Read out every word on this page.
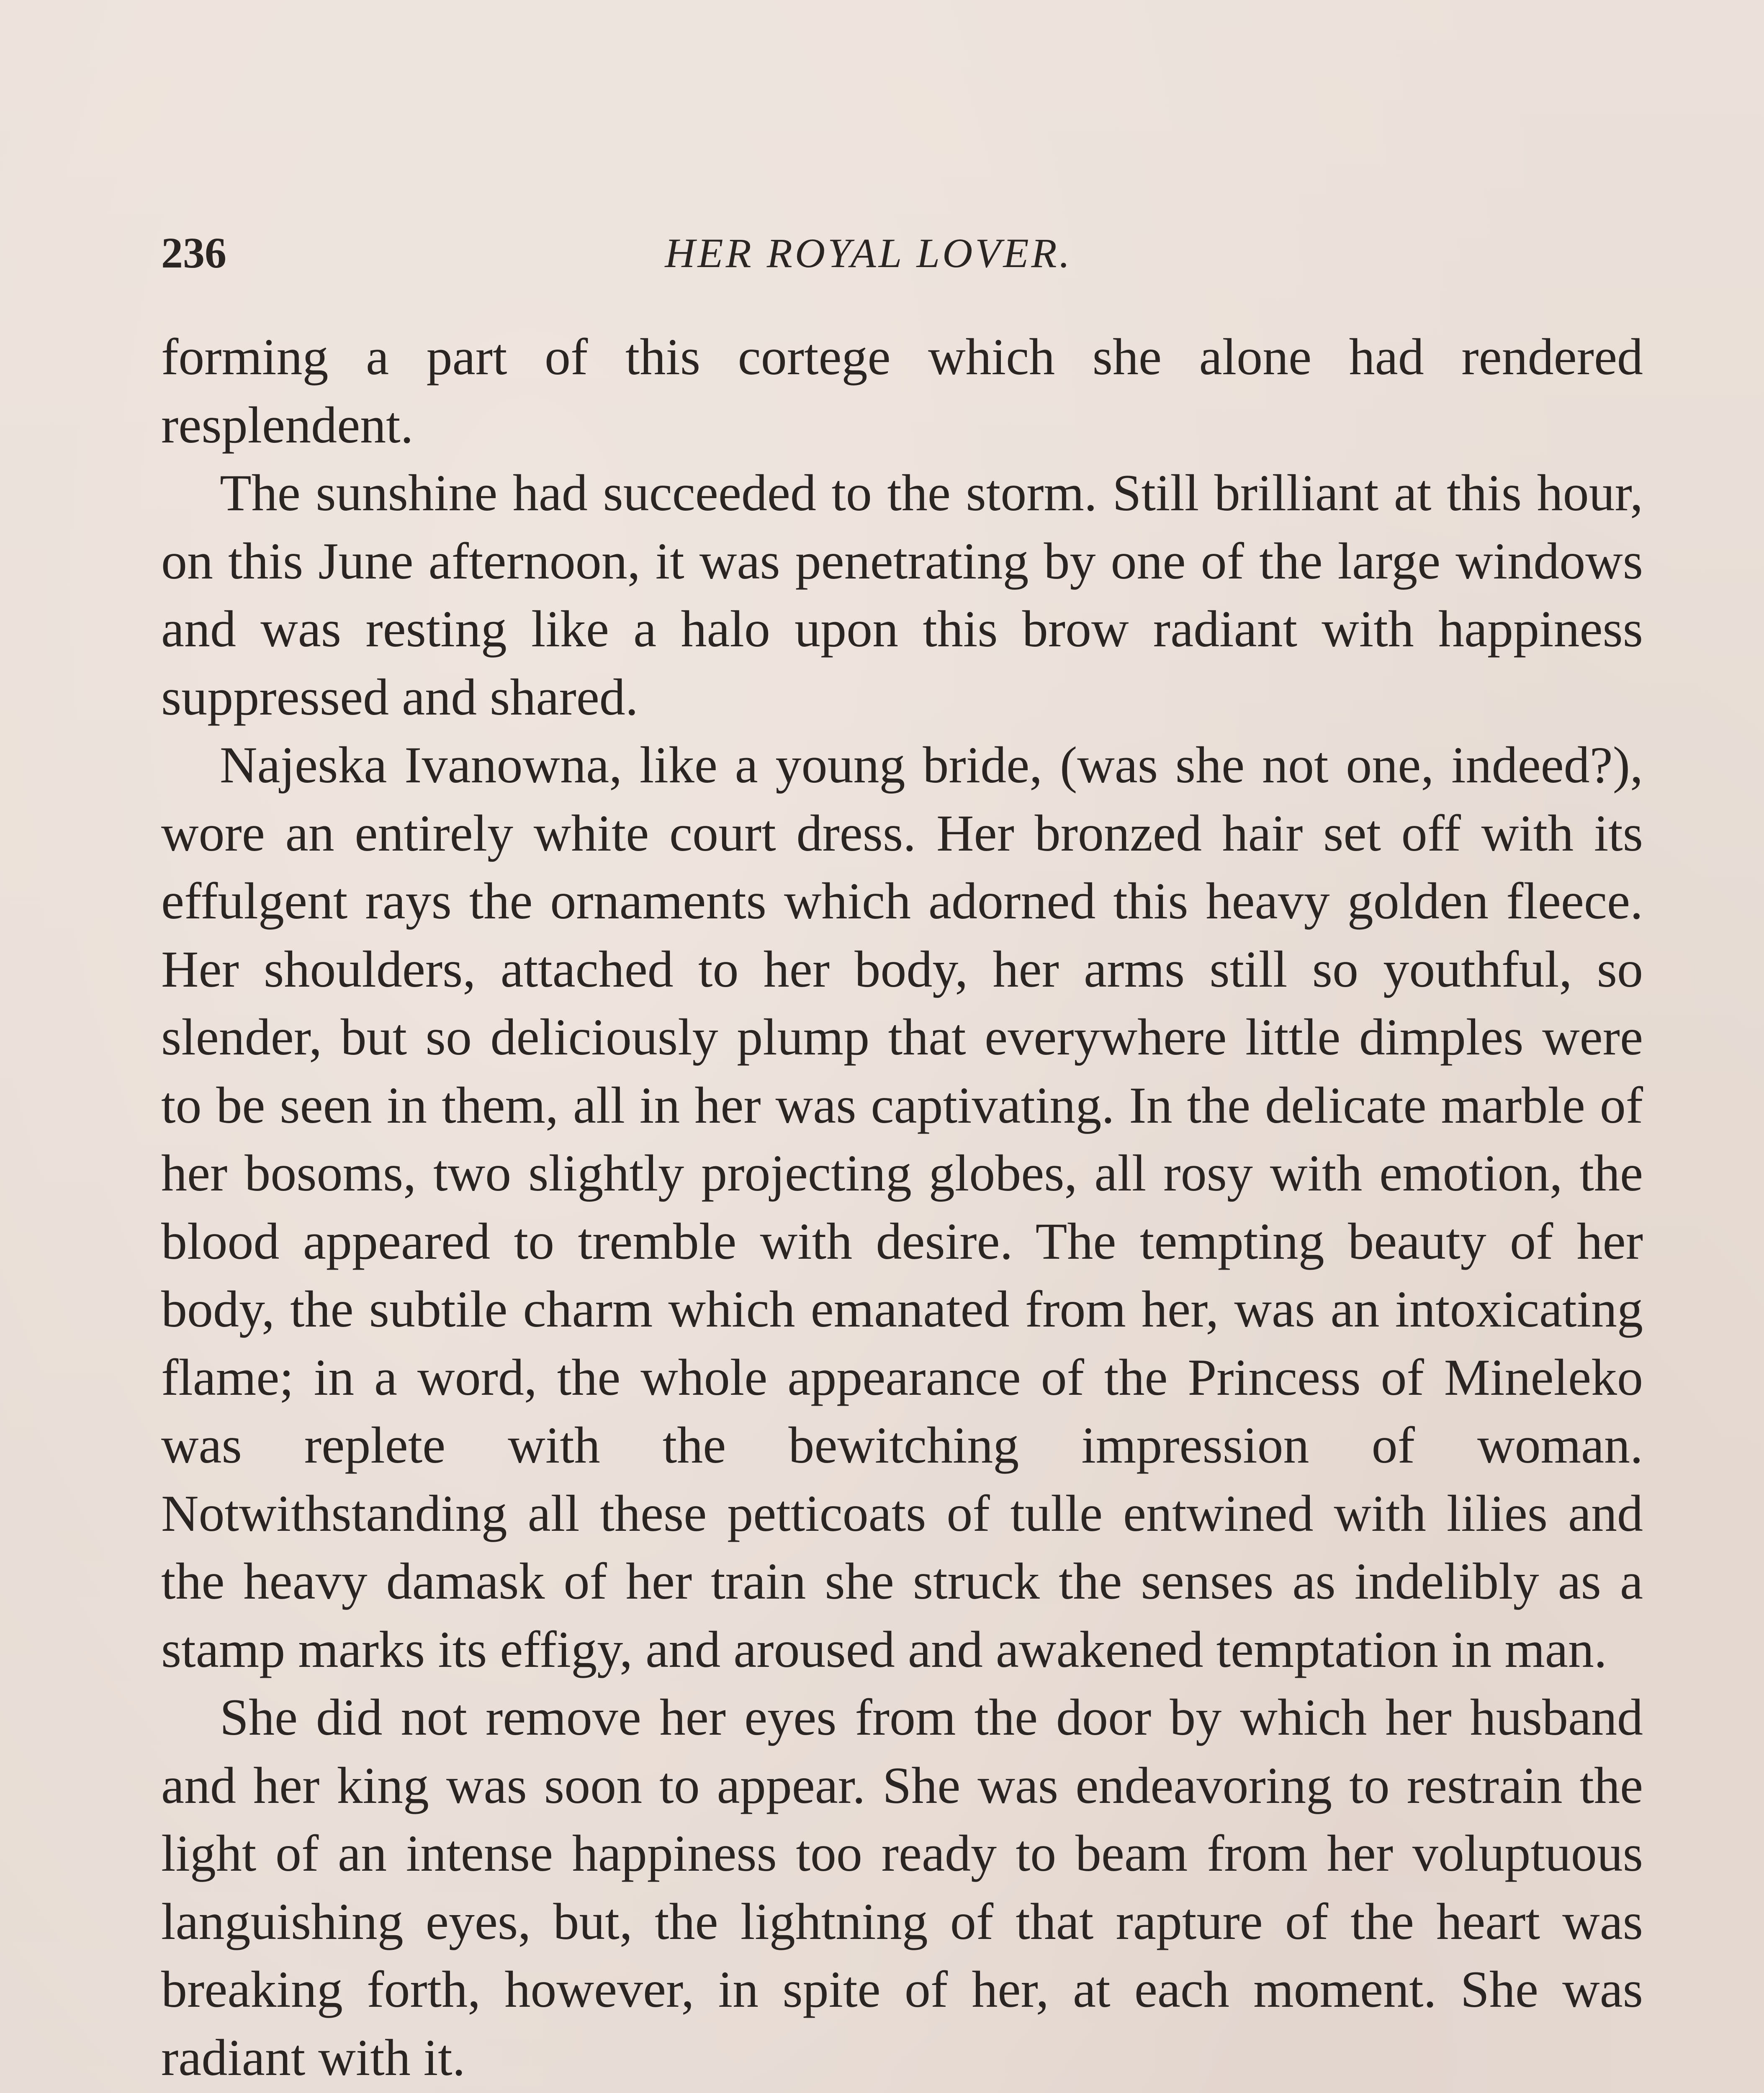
236	HER ROYAL LOVER.

forming a part of this cortege which she alone had rendered resplendent.

The sunshine had succeeded to the storm. Still brilliant at this hour, on this June afternoon, it was penetrating by one of the large windows and was resting like a halo upon this brow radiant with happiness suppressed and shared.

Najeska Ivanowna, like a young bride, (was she not one, indeed?), wore an entirely white court dress. Her bronzed hair set off with its effulgent rays the ornaments which adorned this heavy golden fleece. Her shoulders, attached to her body, her arms still so youthful, so slender, but so deliciously plump that everywhere little dimples were to be seen in them, all in her was captivating. In the delicate marble of her bosoms, two slightly projecting globes, all rosy with emotion, the blood appeared to tremble with desire. The tempting beauty of her body, the subtile charm which emanated from her, was an intoxicating flame; in a word, the whole appearance of the Princess of Mineleko was replete with the bewitching impression of woman. Notwithstanding all these petticoats of tulle entwined with lilies and the heavy damask of her train she struck the senses as indelibly as a stamp marks its effigy, and aroused and awakened temptation in man.

She did not remove her eyes from the door by which her husband and her king was soon to appear. She was endeavoring to restrain the light of an intense happiness too ready to beam from her voluptuous languishing eyes, but, the lightning of that rapture of the heart was breaking forth, however, in spite of her, at each moment. She was radiant with it.
